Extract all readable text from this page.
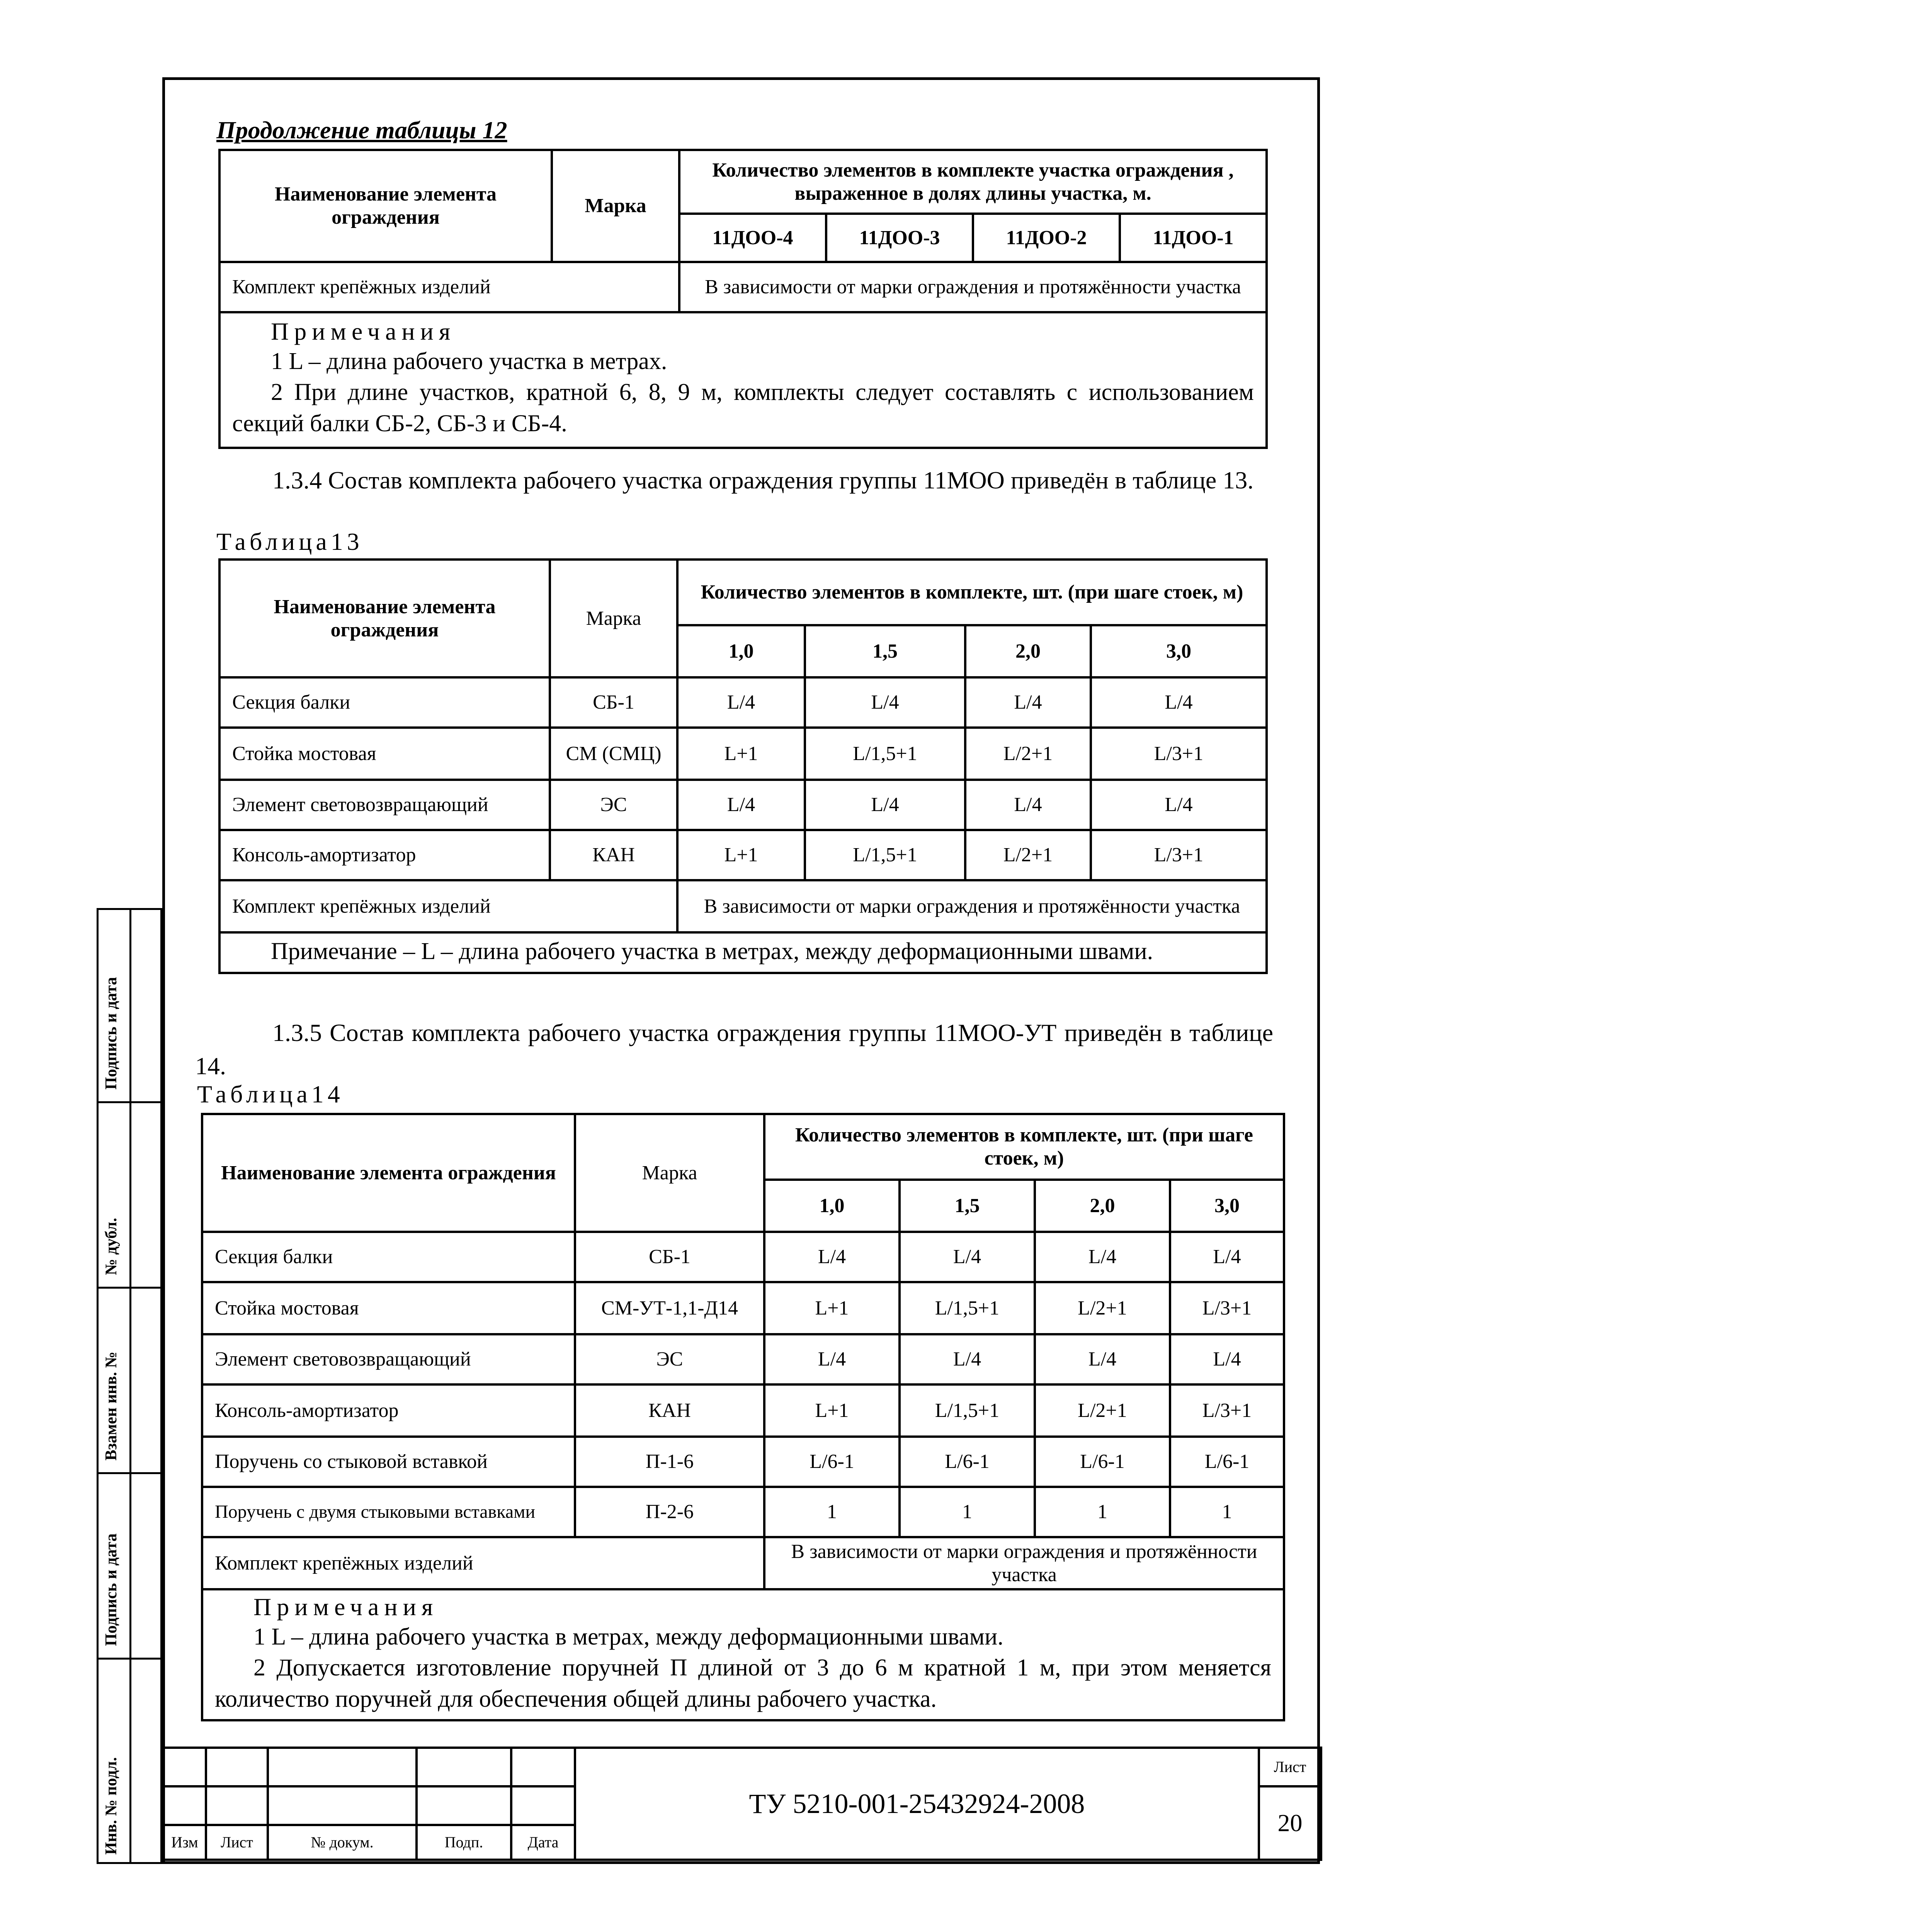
Подпись и дата
№ дубл.
Взамен инв. №
Подпись и дата
Инв. № подл.
Продолжение таблицы 12
Наименование элемента ограждения	Марка	Количество элементов в комплекте участка ограждения , выраженное в долях длины участка, м.			
		11ДОО-4	11ДОО-3	11ДОО-2	11ДОО-1
Комплект крепёжных изделий		В зависимости от марки ограждения и протяжённости участка			

Примечания
1 L – длина рабочего участка в метрах.
2 При длине участков, кратной 6, 8, 9 м, комплекты следует составлять с использованием секций балки СБ-2, СБ-3 и СБ-4.					
1.3.4 Состав комплекта рабочего участка ограждения группы 11МОО приведён в таблице 13.
Таблица13
Наименование элемента ограждения	Марка	Количество элементов в комплекте, шт. (при шаге стоек, м)			
		1,0	1,5	2,0	3,0
Секция балки	СБ-1	L/4	L/4	L/4	L/4
Стойка мостовая	СМ (СМЦ)	L+1	L/1,5+1	L/2+1	L/3+1
Элемент световозвращающий	ЭС	L/4	L/4	L/4	L/4
Консоль-амортизатор	КАН	L+1	L/1,5+1	L/2+1	L/3+1
Комплект крепёжных изделий		В зависимости от марки ограждения и протяжённости участка			
Примечание – L – длина рабочего участка в метрах, между деформационными швами.					
1.3.5 Состав комплекта рабочего участка ограждения группы 11МОО-УТ приведён в таблице 14.
Таблица14
Наименование элемента ограждения	Марка	Количество элементов в комплекте, шт. (при шаге стоек, м)			
		1,0	1,5	2,0	3,0
Секция балки	СБ-1	L/4	L/4	L/4	L/4
Стойка мостовая	СМ-УТ-1,1-Д14	L+1	L/1,5+1	L/2+1	L/3+1
Элемент световозвращающий	ЭС	L/4	L/4	L/4	L/4
Консоль-амортизатор	КАН	L+1	L/1,5+1	L/2+1	L/3+1
Поручень со стыковой вставкой	П-1-6	L/6-1	L/6-1	L/6-1	L/6-1
Поручень с двумя стыковыми вставками	П-2-6	1	1	1	1
Комплект крепёжных изделий		В зависимости от марки ограждения и протяжённости участка			

Примечания
1 L – длина рабочего участка в метрах, между деформационными швами.
2 Допускается изготовление поручней П длиной от 3 до 6 м кратной 1 м, при этом меняется количество поручней для обеспечения общей длины рабочего участка.					
					ТУ 5210-001-25432924-2008	Лист
						20
Изм	Лист	№ докум.	Подп.	Дата		
